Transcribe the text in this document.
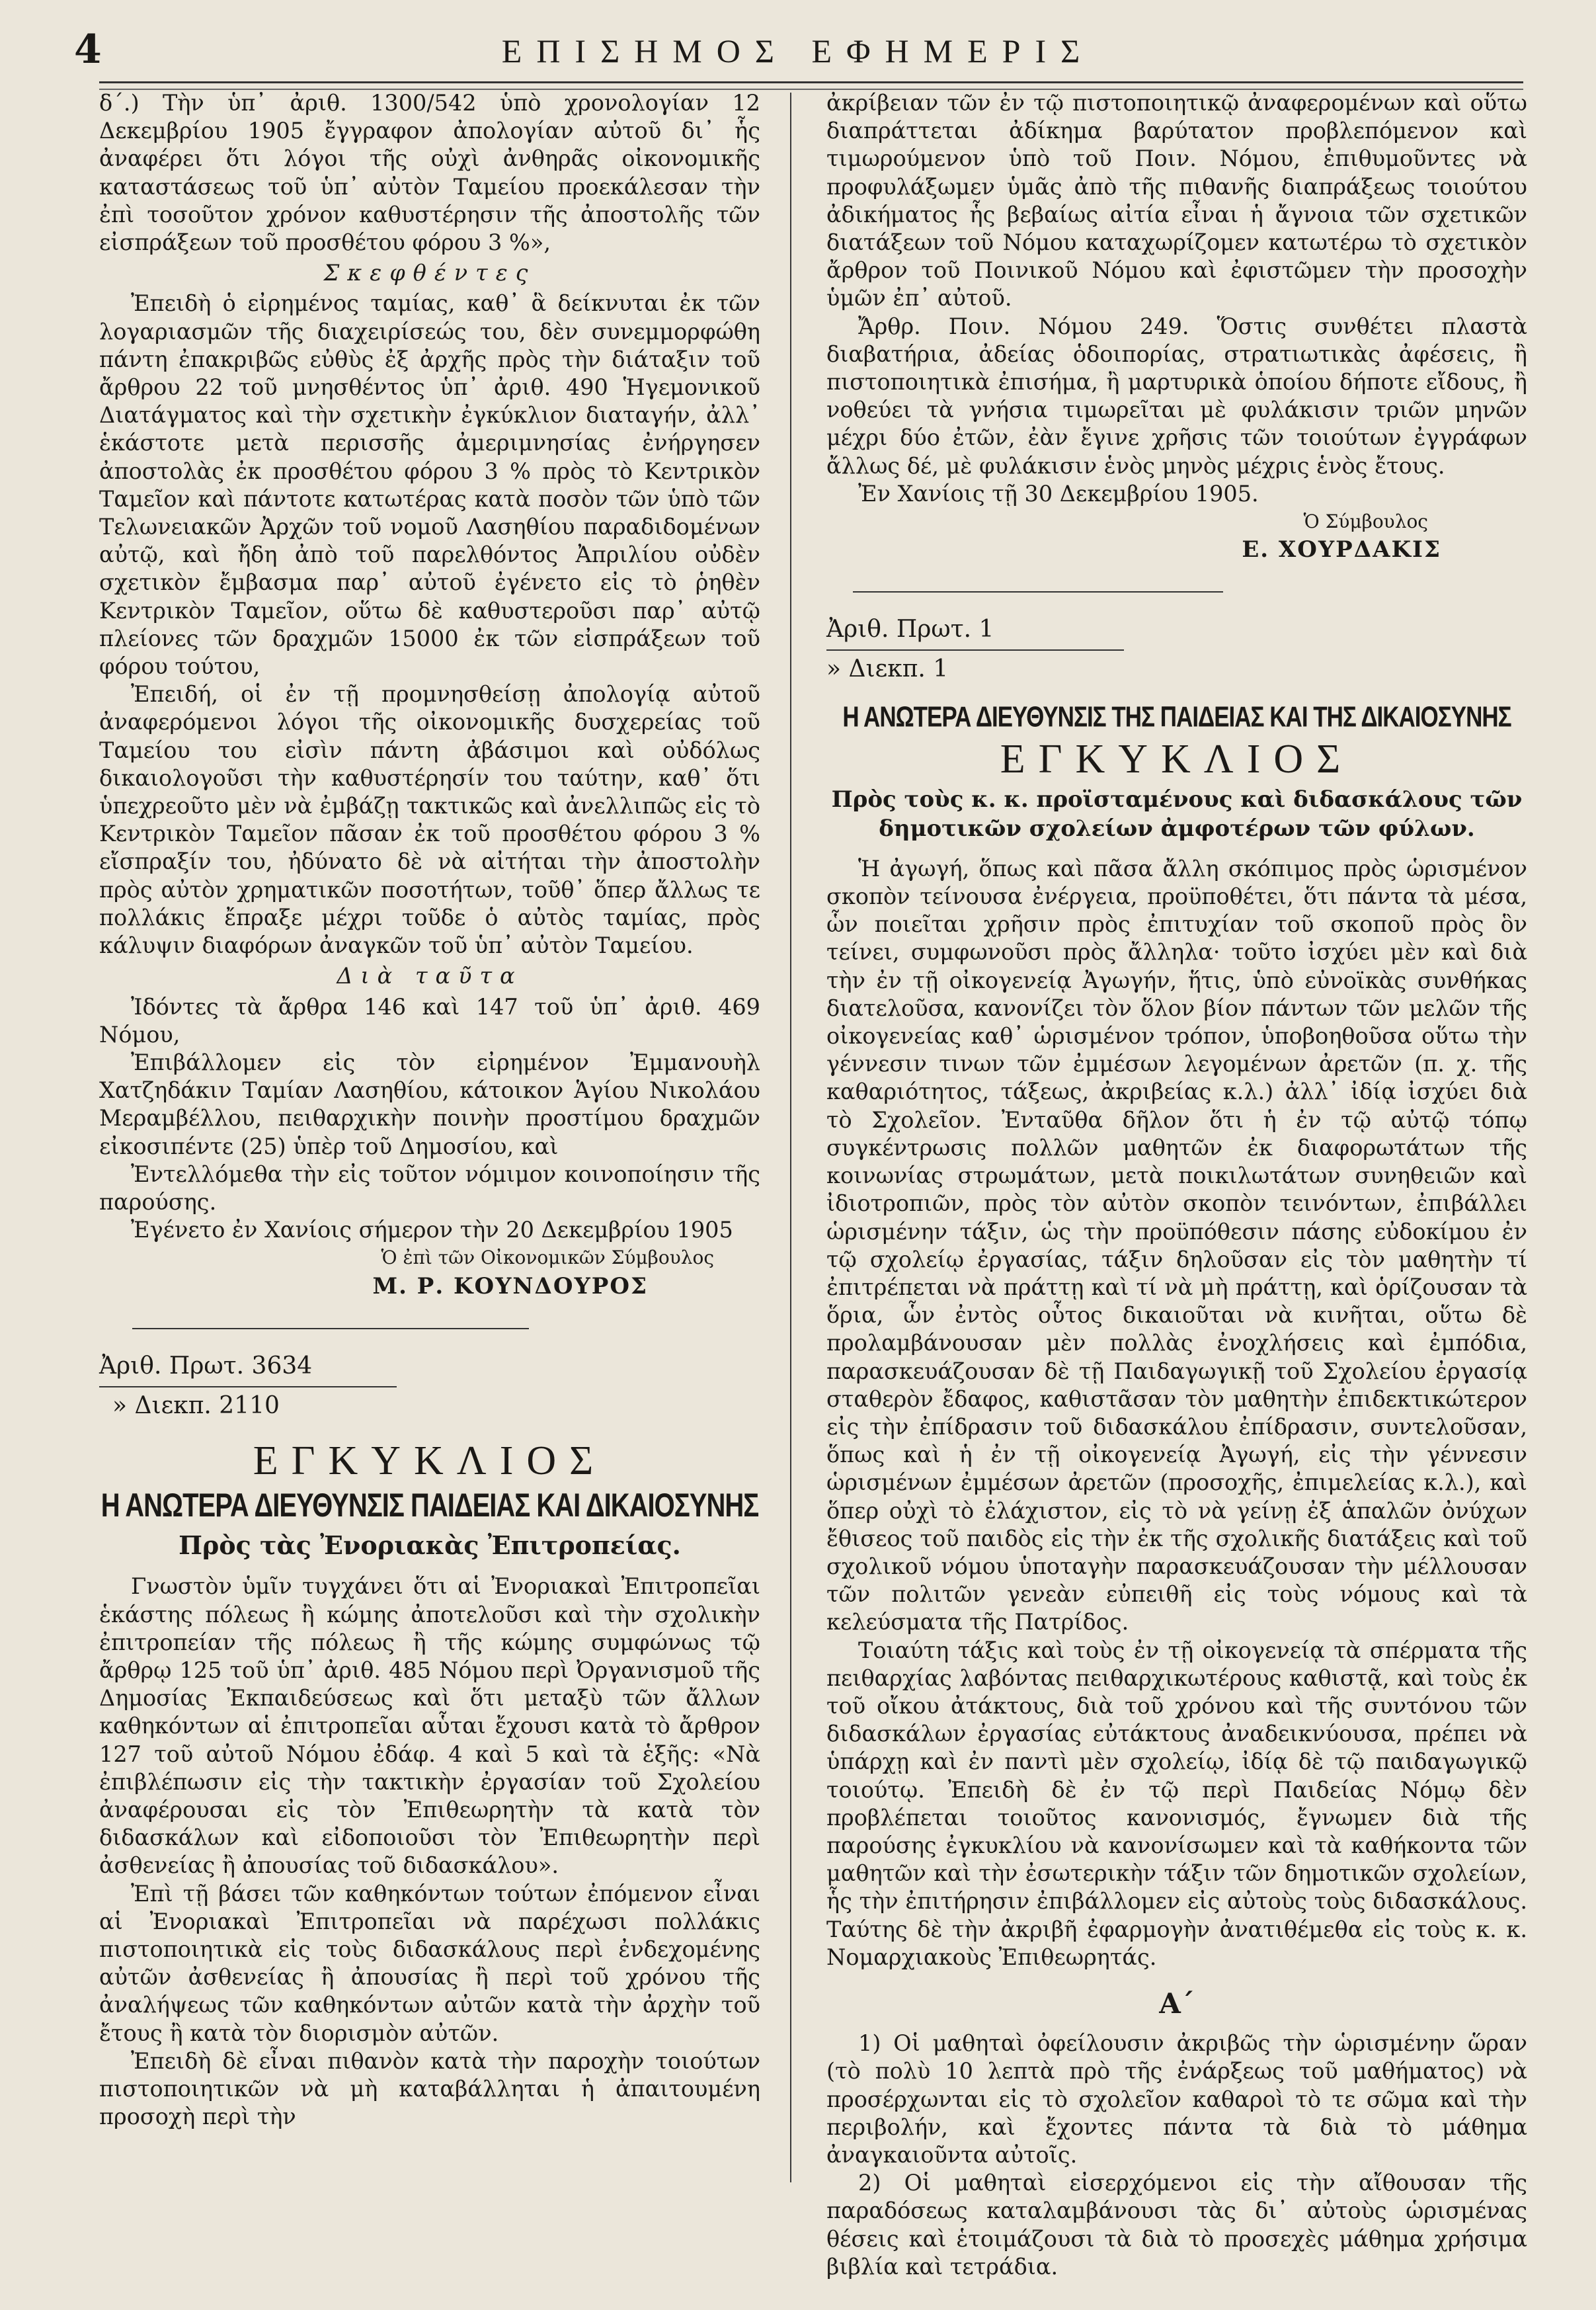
4	ΕΠΙΣΗΜΟΣ ΕΦΗΜΕΡΙΣ

δ΄.) Τὴν ὑπ᾽ ἀριθ. 1300/542 ὑπὸ χρονολογίαν 12 Δεκεμβρίου 1905 ἔγγραφον ἀπολογίαν αὐτοῦ δι᾽ ἧς ἀναφέρει ὅτι λόγοι τῆς οὐχὶ ἀνθηρᾶς οἰκονομικῆς καταστάσεως τοῦ ὑπ᾽ αὐτὸν Ταμείου προεκάλεσαν τὴν ἐπὶ τοσοῦτον χρόνον καθυστέρησιν τῆς ἀποστολῆς τῶν εἰσπράξεων τοῦ προσθέτου φόρου 3 %»,

Σκεφθέντες

Ἐπειδὴ ὁ εἰρημένος ταμίας, καθ᾽ ἃ δείκνυται ἐκ τῶν λογαριασμῶν τῆς διαχειρίσεώς του, δὲν συνεμμορφώθη πάντη ἐπακριβῶς εὐθὺς ἐξ ἀρχῆς πρὸς τὴν διάταξιν τοῦ ἄρθρου 22 τοῦ μνησθέντος ὑπ᾽ ἀριθ. 490 Ἡγεμονικοῦ Διατάγματος καὶ τὴν σχετικὴν ἐγκύκλιον διαταγήν, ἀλλ᾽ ἑκάστοτε μετὰ περισσῆς ἀμεριμνησίας ἐνήργησεν ἀποστολὰς ἐκ προσθέτου φόρου 3 % πρὸς τὸ Κεντρικὸν Ταμεῖον καὶ πάντοτε κατωτέρας κατὰ ποσὸν τῶν ὑπὸ τῶν Τελωνειακῶν Ἀρχῶν τοῦ νομοῦ Λασηθίου παραδιδομένων αὐτῷ, καὶ ἤδη ἀπὸ τοῦ παρελθόντος Ἀπριλίου οὐδὲν σχετικὸν ἔμβασμα παρ᾽ αὐτοῦ ἐγένετο εἰς τὸ ῥηθὲν Κεντρικὸν Ταμεῖον, οὕτω δὲ καθυστεροῦσι παρ᾽ αὐτῷ πλείονες τῶν δραχμῶν 15000 ἐκ τῶν εἰσπράξεων τοῦ φόρου τούτου,

Ἐπειδή, οἱ ἐν τῇ προμνησθείσῃ ἀπολογίᾳ αὐτοῦ ἀναφερόμενοι λόγοι τῆς οἰκονομικῆς δυσχερείας τοῦ Ταμείου του εἰσὶν πάντη ἀβάσιμοι καὶ οὐδόλως δικαιολογοῦσι τὴν καθυστέρησίν του ταύτην, καθ᾽ ὅτι ὑπεχρεοῦτο μὲν νὰ ἐμβάζῃ τακτικῶς καὶ ἀνελλιπῶς εἰς τὸ Κεντρικὸν Ταμεῖον πᾶσαν ἐκ τοῦ προσθέτου φόρου 3 % εἴσπραξίν του, ἠδύνατο δὲ νὰ αἰτήται τὴν ἀποστολὴν πρὸς αὐτὸν χρηματικῶν ποσοτήτων, τοῦθ᾽ ὅπερ ἄλλως τε πολλάκις ἔπραξε μέχρι τοῦδε ὁ αὐτὸς ταμίας, πρὸς κάλυψιν διαφόρων ἀναγκῶν τοῦ ὑπ᾽ αὐτὸν Ταμείου.

Διὰ ταῦτα

Ἰδόντες τὰ ἄρθρα 146 καὶ 147 τοῦ ὑπ᾽ ἀριθ. 469 Νόμου,

Ἐπιβάλλομεν εἰς τὸν εἰρημένον Ἐμμανουὴλ Χατζηδάκιν Ταμίαν Λασηθίου, κάτοικον Ἁγίου Νικολάου Μεραμβέλλου, πειθαρχικὴν ποινὴν προστίμου δραχμῶν εἰκοσιπέντε (25) ὑπὲρ τοῦ Δημοσίου, καὶ

Ἐντελλόμεθα τὴν εἰς τοῦτον νόμιμον κοινοποίησιν τῆς παρούσης.

Ἐγένετο ἐν Χανίοις σήμερον τὴν 20 Δεκεμβρίου 1905

Ὁ ἐπὶ τῶν Οἰκονομικῶν Σύμβουλος
Μ. Ρ. ΚΟΥΝΔΟΥΡΟΣ
Ἀριθ. Πρωτ. 3634
» Διεκπ. 2110
ΕΓΚΥΚΛΙΟΣ
Η ΑΝΩΤΕΡΑ ΔΙΕΥΘΥΝΣΙΣ ΠΑΙΔΕΙΑΣ ΚΑΙ ΔΙΚΑΙΟΣΥΝΗΣ
Πρὸς τὰς Ἐνοριακὰς Ἐπιτροπείας.

Γνωστὸν ὑμῖν τυγχάνει ὅτι αἱ Ἐνοριακαὶ Ἐπιτροπεῖαι ἑκάστης πόλεως ἢ κώμης ἀποτελοῦσι καὶ τὴν σχολικὴν ἐπιτροπείαν τῆς πόλεως ἢ τῆς κώμης συμφώνως τῷ ἄρθρῳ 125 τοῦ ὑπ᾽ ἀριθ. 485 Νόμου περὶ Ὀργανισμοῦ τῆς Δημοσίας Ἐκπαιδεύσεως καὶ ὅτι μεταξὺ τῶν ἄλλων καθηκόντων αἱ ἐπιτροπεῖαι αὗται ἔχουσι κατὰ τὸ ἄρθρον 127 τοῦ αὐτοῦ Νόμου ἐδάφ. 4 καὶ 5 καὶ τὰ ἑξῆς: «Νὰ ἐπιβλέπωσιν εἰς τὴν τακτικὴν ἐργασίαν τοῦ Σχολείου ἀναφέρουσαι εἰς τὸν Ἐπιθεωρητὴν τὰ κατὰ τὸν διδασκάλων καὶ εἰδοποιοῦσι τὸν Ἐπιθεωρητὴν περὶ ἀσθενείας ἢ ἀπουσίας τοῦ διδασκάλου».

Ἐπὶ τῇ βάσει τῶν καθηκόντων τούτων ἐπόμενον εἶναι αἱ Ἐνοριακαὶ Ἐπιτροπεῖαι νὰ παρέχωσι πολλάκις πιστοποιητικὰ εἰς τοὺς διδασκάλους περὶ ἐνδεχομένης αὐτῶν ἀσθενείας ἢ ἀπουσίας ἢ περὶ τοῦ χρόνου τῆς ἀναλήψεως τῶν καθηκόντων αὐτῶν κατὰ τὴν ἀρχὴν τοῦ ἔτους ἢ κατὰ τὸν διορισμὸν αὐτῶν.

Ἐπειδὴ δὲ εἶναι πιθανὸν κατὰ τὴν παροχὴν τοιούτων πιστοποιητικῶν νὰ μὴ καταβάλληται ἡ ἀπαιτουμένη προσοχὴ περὶ τὴν

ἀκρίβειαν τῶν ἐν τῷ πιστοποιητικῷ ἀναφερομένων καὶ οὕτω διαπράττεται ἀδίκημα βαρύτατον προβλεπόμενον καὶ τιμωρούμενον ὑπὸ τοῦ Ποιν. Νόμου, ἐπιθυμοῦντες νὰ προφυλάξωμεν ὑμᾶς ἀπὸ τῆς πιθανῆς διαπράξεως τοιούτου ἀδικήματος ἧς βεβαίως αἰτία εἶναι ἡ ἄγνοια τῶν σχετικῶν διατάξεων τοῦ Νόμου καταχωρίζομεν κατωτέρω τὸ σχετικὸν ἄρθρον τοῦ Ποινικοῦ Νόμου καὶ ἐφιστῶμεν τὴν προσοχὴν ὑμῶν ἐπ᾽ αὐτοῦ.

Ἄρθρ. Ποιν. Νόμου 249. Ὅστις συνθέτει πλαστὰ διαβατήρια, ἀδείας ὁδοιπορίας, στρατιωτικὰς ἀφέσεις, ἢ πιστοποιητικὰ ἐπισήμα, ἢ μαρτυρικὰ ὁποίου δήποτε εἴδους, ἢ νοθεύει τὰ γνήσια τιμωρεῖται μὲ φυλάκισιν τριῶν μηνῶν μέχρι δύο ἐτῶν, ἐὰν ἔγινε χρῆσις τῶν τοιούτων ἐγγράφων ἄλλως δέ, μὲ φυλάκισιν ἑνὸς μηνὸς μέχρις ἑνὸς ἔτους.

Ἐν Χανίοις τῇ 30 Δεκεμβρίου 1905.

Ὁ Σύμβουλος
Ε. ΧΟΥΡΔΑΚΙΣ
Ἀριθ. Πρωτ. 1
» Διεκπ. 1
Η ΑΝΩΤΕΡΑ ΔΙΕΥΘΥΝΣΙΣ ΤΗΣ ΠΑΙΔΕΙΑΣ ΚΑΙ ΤΗΣ ΔΙΚΑΙΟΣΥΝΗΣ
ΕΓΚΥΚΛΙΟΣ
Πρὸς τοὺς κ. κ. προϊσταμένους καὶ διδασκάλους τῶν δημοτικῶν σχολείων ἀμφοτέρων τῶν φύλων.

Ἡ ἀγωγή, ὅπως καὶ πᾶσα ἄλλη σκόπιμος πρὸς ὡρισμένον σκοπὸν τείνουσα ἐνέργεια, προϋποθέτει, ὅτι πάντα τὰ μέσα, ὧν ποιεῖται χρῆσιν πρὸς ἐπιτυχίαν τοῦ σκοποῦ πρὸς ὃν τείνει, συμφωνοῦσι πρὸς ἄλληλα· τοῦτο ἰσχύει μὲν καὶ διὰ τὴν ἐν τῇ οἰκογενείᾳ Ἀγωγήν, ἥτις, ὑπὸ εὐνοϊκὰς συνθήκας διατελοῦσα, κανονίζει τὸν ὅλον βίον πάντων τῶν μελῶν τῆς οἰκογενείας καθ᾽ ὡρισμένον τρόπον, ὑποβοηθοῦσα οὕτω τὴν γέννεσιν τινων τῶν ἐμμέσων λεγομένων ἀρετῶν (π. χ. τῆς καθαριότητος, τάξεως, ἀκριβείας κ.λ.) ἀλλ᾽ ἰδίᾳ ἰσχύει διὰ τὸ Σχολεῖον. Ἐνταῦθα δῆλον ὅτι ἡ ἐν τῷ αὐτῷ τόπῳ συγκέντρωσις πολλῶν μαθητῶν ἐκ διαφορωτάτων τῆς κοινωνίας στρωμάτων, μετὰ ποικιλωτάτων συνηθειῶν καὶ ἰδιοτροπιῶν, πρὸς τὸν αὐτὸν σκοπὸν τεινόντων, ἐπιβάλλει ὡρισμένην τάξιν, ὡς τὴν προϋπόθεσιν πάσης εὐδοκίμου ἐν τῷ σχολείῳ ἐργασίας, τάξιν δηλοῦσαν εἰς τὸν μαθητὴν τί ἐπιτρέπεται νὰ πράττῃ καὶ τί νὰ μὴ πράττῃ, καὶ ὁρίζουσαν τὰ ὅρια, ὧν ἐντὸς οὗτος δικαιοῦται νὰ κινῆται, οὕτω δὲ προλαμβάνουσαν μὲν πολλὰς ἐνοχλήσεις καὶ ἐμπόδια, παρασκευάζουσαν δὲ τῇ Παιδαγωγικῇ τοῦ Σχολείου ἐργασίᾳ σταθερὸν ἔδαφος, καθιστᾶσαν τὸν μαθητὴν ἐπιδεκτικώτερον εἰς τὴν ἐπίδρασιν τοῦ διδασκάλου ἐπίδρασιν, συντελοῦσαν, ὅπως καὶ ἡ ἐν τῇ οἰκογενείᾳ Ἀγωγή, εἰς τὴν γέννεσιν ὡρισμένων ἐμμέσων ἀρετῶν (προσοχῆς, ἐπιμελείας κ.λ.), καὶ ὅπερ οὐχὶ τὸ ἐλάχιστον, εἰς τὸ νὰ γείνῃ ἐξ ἁπαλῶν ὀνύχων ἔθισεος τοῦ παιδὸς εἰς τὴν ἐκ τῆς σχολικῆς διατάξεις καὶ τοῦ σχολικοῦ νόμου ὑποταγὴν παρασκευάζουσαν τὴν μέλλουσαν τῶν πολιτῶν γενεὰν εὐπειθῆ εἰς τοὺς νόμους καὶ τὰ κελεύσματα τῆς Πατρίδος.

Τοιαύτη τάξις καὶ τοὺς ἐν τῇ οἰκογενείᾳ τὰ σπέρματα τῆς πειθαρχίας λαβόντας πειθαρχικωτέρους καθιστᾷ, καὶ τοὺς ἐκ τοῦ οἴκου ἀτάκτους, διὰ τοῦ χρόνου καὶ τῆς συντόνου τῶν διδασκάλων ἐργασίας εὐτάκτους ἀναδεικνύουσα, πρέπει νὰ ὑπάρχῃ καὶ ἐν παντὶ μὲν σχολείῳ, ἰδίᾳ δὲ τῷ παιδαγωγικῷ τοιούτῳ. Ἐπειδὴ δὲ ἐν τῷ περὶ Παιδείας Νόμῳ δὲν προβλέπεται τοιοῦτος κανονισμός, ἔγνωμεν διὰ τῆς παρούσης ἐγκυκλίου νὰ κανονίσωμεν καὶ τὰ καθήκοντα τῶν μαθητῶν καὶ τὴν ἐσωτερικὴν τάξιν τῶν δημοτικῶν σχολείων, ἧς τὴν ἐπιτήρησιν ἐπιβάλλομεν εἰς αὐτοὺς τοὺς διδασκάλους. Ταύτης δὲ τὴν ἀκριβῆ ἐφαρμογὴν ἀνατιθέμεθα εἰς τοὺς κ. κ. Νομαρχιακοὺς Ἐπιθεωρητάς.

Α΄

1) Οἱ μαθηταὶ ὀφείλουσιν ἀκριβῶς τὴν ὡρισμένην ὥραν (τὸ πολὺ 10 λεπτὰ πρὸ τῆς ἐνάρξεως τοῦ μαθήματος) νὰ προσέρχωνται εἰς τὸ σχολεῖον καθαροὶ τὸ τε σῶμα καὶ τὴν περιβολήν, καὶ ἔχοντες πάντα τὰ διὰ τὸ μάθημα ἀναγκαιοῦντα αὐτοῖς.

2) Οἱ μαθηταὶ εἰσερχόμενοι εἰς τὴν αἴθουσαν τῆς παραδόσεως καταλαμβάνουσι τὰς δι᾽ αὐτοὺς ὡρισμένας θέσεις καὶ ἑτοιμάζουσι τὰ διὰ τὸ προσεχὲς μάθημα χρήσιμα βιβλία καὶ τετράδια.
